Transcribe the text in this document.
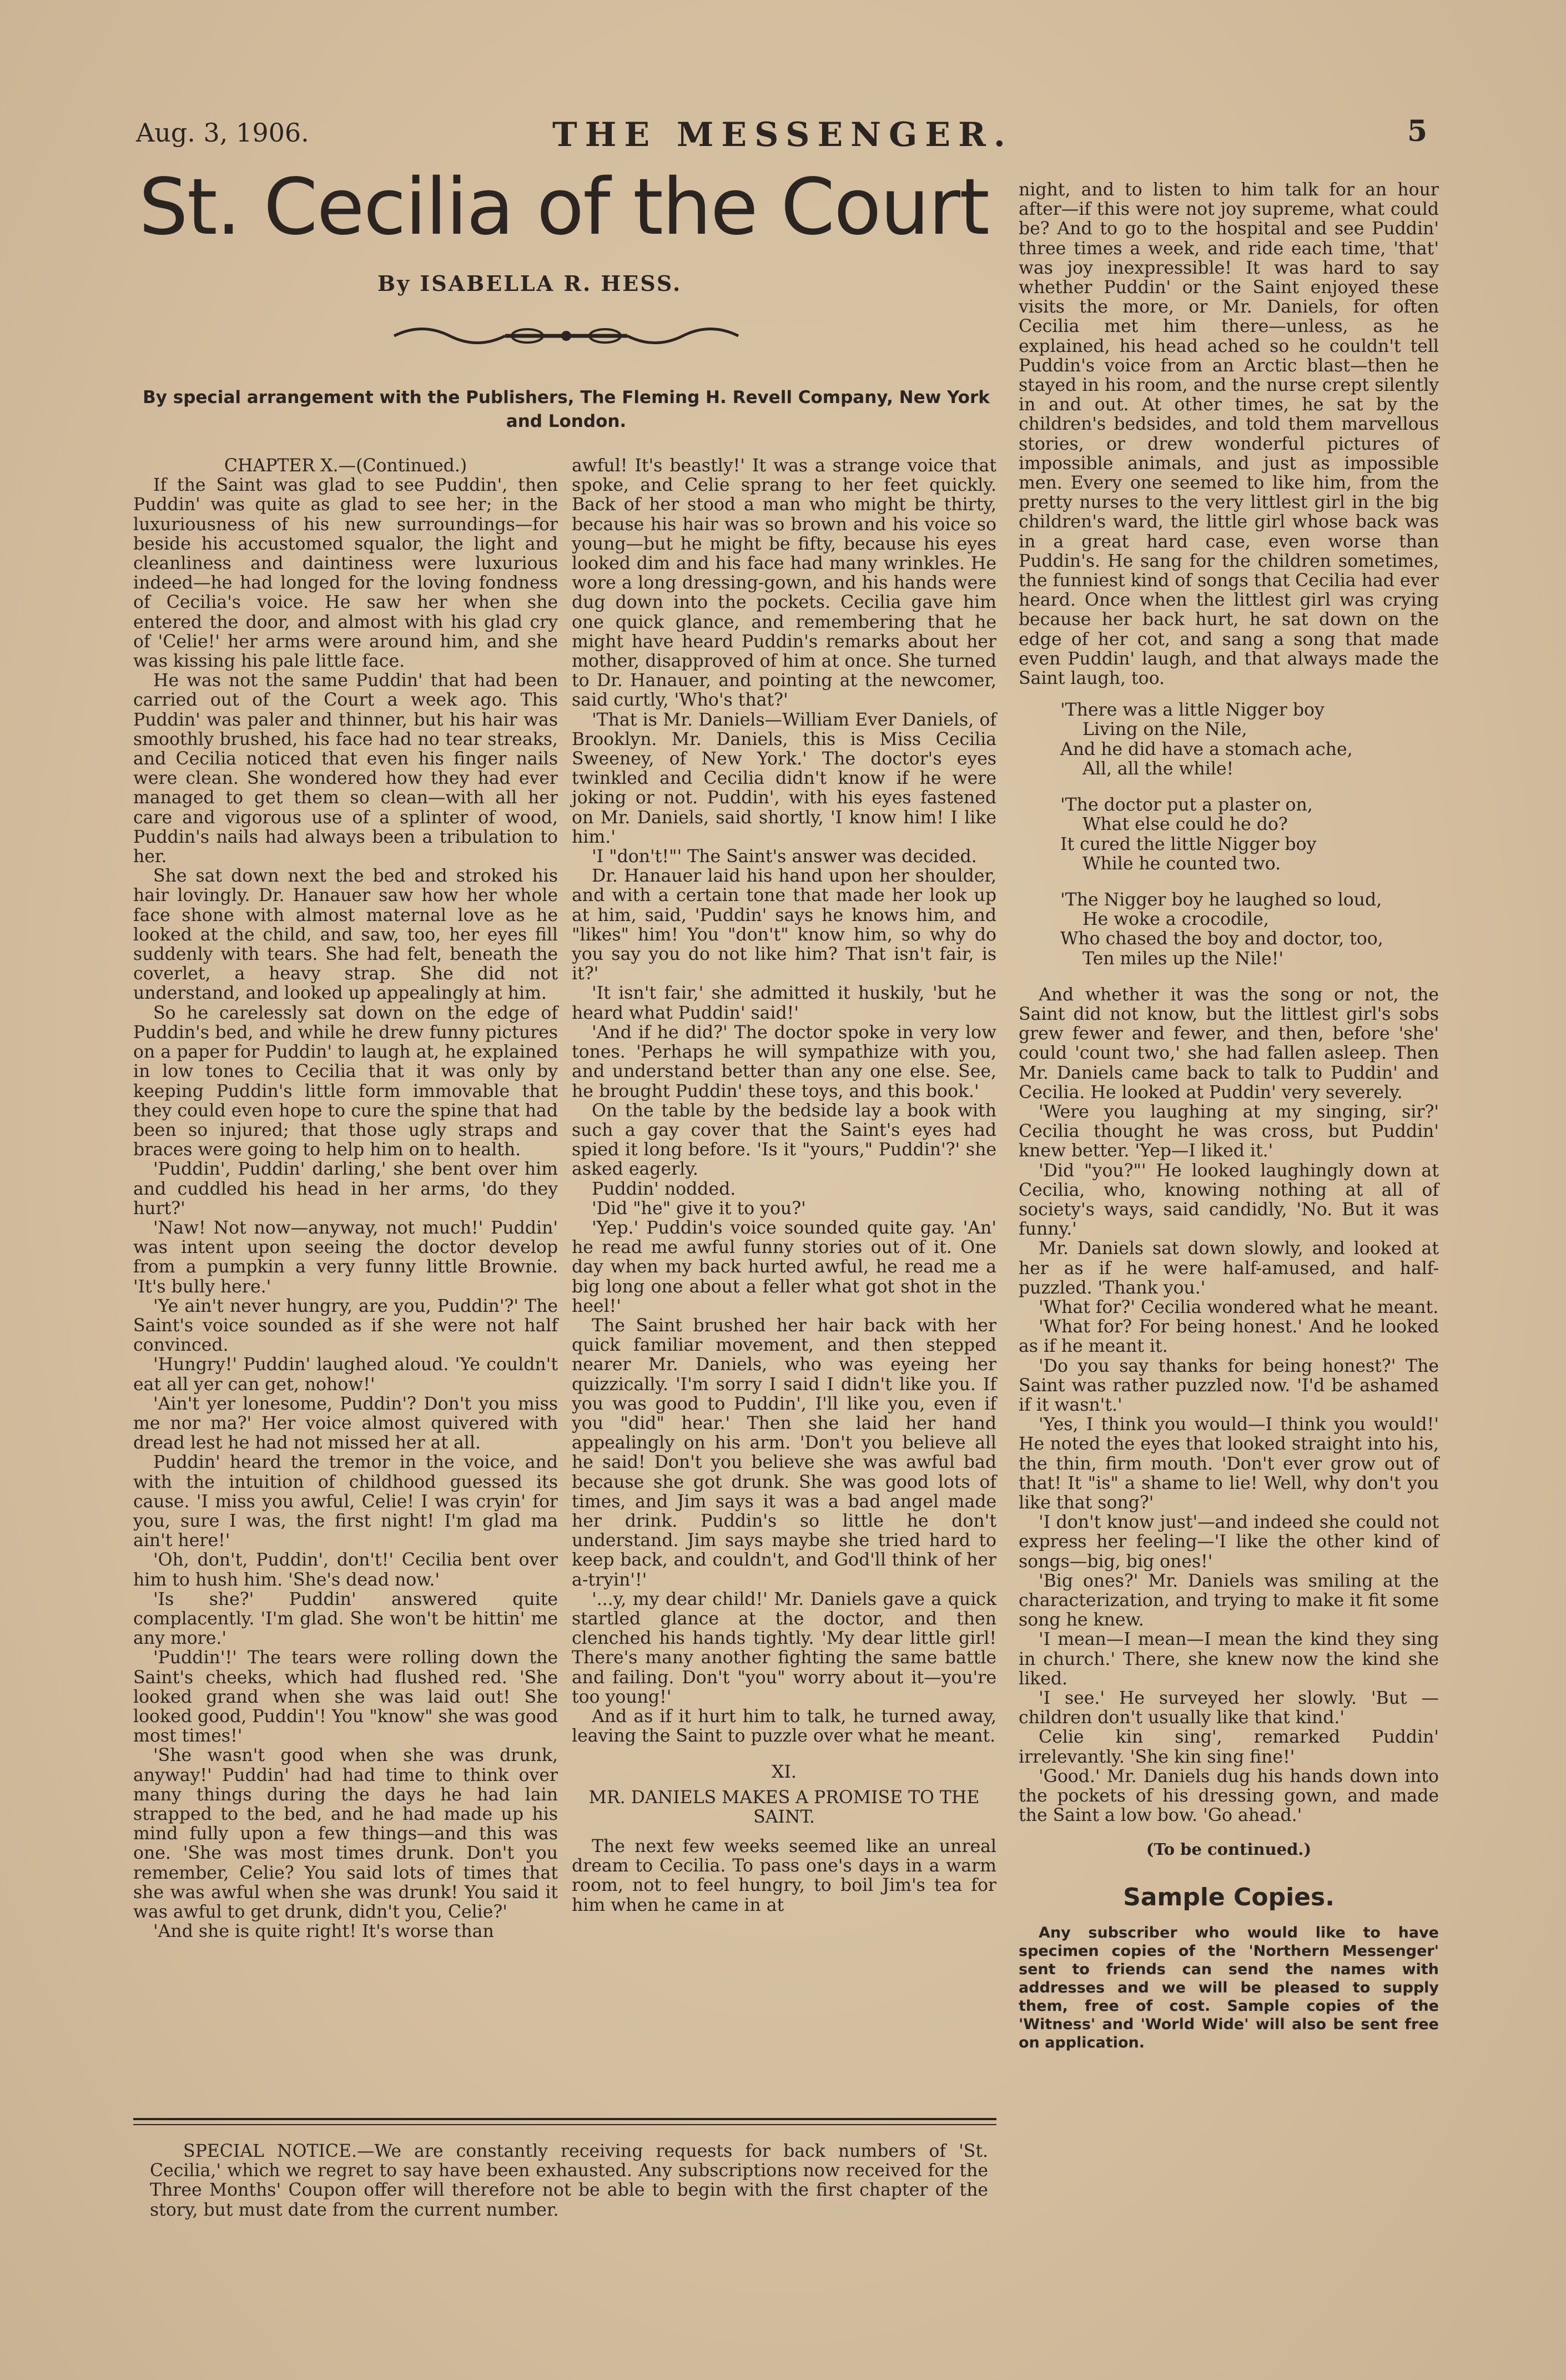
Aug. 3, 1906.	THE MESSENGER.	5
St. Cecilia of the Court
By ISABELLA R. HESS.
By special arrangement with the Publishers, The Fleming H. Revell Company, New York and London.

CHAPTER X.—(Continued.)

If the Saint was glad to see Puddin', then Puddin' was quite as glad to see her; in the luxuriousness of his new surroundings—for beside his accustomed squalor, the light and cleanliness and daintiness were luxurious indeed—he had longed for the loving fondness of Cecilia's voice. He saw her when she entered the door, and almost with his glad cry of 'Celie!' her arms were around him, and she was kissing his pale little face.

He was not the same Puddin' that had been carried out of the Court a week ago. This Puddin' was paler and thinner, but his hair was smoothly brushed, his face had no tear streaks, and Cecilia noticed that even his finger nails were clean. She wondered how they had ever managed to get them so clean—with all her care and vigorous use of a splinter of wood, Puddin's nails had always been a tribulation to her.

She sat down next the bed and stroked his hair lovingly. Dr. Hanauer saw how her whole face shone with almost maternal love as he looked at the child, and saw, too, her eyes fill suddenly with tears. She had felt, beneath the coverlet, a heavy strap. She did not understand, and looked up appealingly at him.

So he carelessly sat down on the edge of Puddin's bed, and while he drew funny pictures on a paper for Puddin' to laugh at, he explained in low tones to Cecilia that it was only by keeping Puddin's little form immovable that they could even hope to cure the spine that had been so injured; that those ugly straps and braces were going to help him on to health.

'Puddin', Puddin' darling,' she bent over him and cuddled his head in her arms, 'do they hurt?'

'Naw! Not now—anyway, not much!' Puddin' was intent upon seeing the doctor develop from a pumpkin a very funny little Brownie. 'It's bully here.'

'Ye ain't never hungry, are you, Puddin'?' The Saint's voice sounded as if she were not half convinced.

'Hungry!' Puddin' laughed aloud. 'Ye couldn't eat all yer can get, nohow!'

'Ain't yer lonesome, Puddin'? Don't you miss me nor ma?' Her voice almost quivered with dread lest he had not missed her at all.

Puddin' heard the tremor in the voice, and with the intuition of childhood guessed its cause. 'I miss you awful, Celie! I was cryin' for you, sure I was, the first night! I'm glad ma ain't here!'

'Oh, don't, Puddin', don't!' Cecilia bent over him to hush him. 'She's dead now.'

'Is she?' Puddin' answered quite complacently. 'I'm glad. She won't be hittin' me any more.'

'Puddin'!' The tears were rolling down the Saint's cheeks, which had flushed red. 'She looked grand when she was laid out! She looked good, Puddin'! You "know" she was good most times!'

'She wasn't good when she was drunk, anyway!' Puddin' had had time to think over many things during the days he had lain strapped to the bed, and he had made up his mind fully upon a few things—and this was one. 'She was most times drunk. Don't you remember, Celie? You said lots of times that she was awful when she was drunk! You said it was awful to get drunk, didn't you, Celie?'

'And she is quite right! It's worse than

awful! It's beastly!' It was a strange voice that spoke, and Celie sprang to her feet quickly. Back of her stood a man who might be thirty, because his hair was so brown and his voice so young—but he might be fifty, because his eyes looked dim and his face had many wrinkles. He wore a long dressing-gown, and his hands were dug down into the pockets. Cecilia gave him one quick glance, and remembering that he might have heard Puddin's remarks about her mother, disapproved of him at once. She turned to Dr. Hanauer, and pointing at the newcomer, said curtly, 'Who's that?'

'That is Mr. Daniels—William Ever Daniels, of Brooklyn. Mr. Daniels, this is Miss Cecilia Sweeney, of New York.' The doctor's eyes twinkled and Cecilia didn't know if he were joking or not. Puddin', with his eyes fastened on Mr. Daniels, said shortly, 'I know him! I like him.'

'I "don't!"' The Saint's answer was decided.

Dr. Hanauer laid his hand upon her shoulder, and with a certain tone that made her look up at him, said, 'Puddin' says he knows him, and "likes" him! You "don't" know him, so why do you say you do not like him? That isn't fair, is it?'

'It isn't fair,' she admitted it huskily, 'but he heard what Puddin' said!'

'And if he did?' The doctor spoke in very low tones. 'Perhaps he will sympathize with you, and understand better than any one else. See, he brought Puddin' these toys, and this book.'

On the table by the bedside lay a book with such a gay cover that the Saint's eyes had spied it long before. 'Is it "yours," Puddin'?' she asked eagerly.

Puddin' nodded.

'Did "he" give it to you?'

'Yep.' Puddin's voice sounded quite gay. 'An' he read me awful funny stories out of it. One day when my back hurted awful, he read me a big long one about a feller what got shot in the heel!'

The Saint brushed her hair back with her quick familiar movement, and then stepped nearer Mr. Daniels, who was eyeing her quizzically. 'I'm sorry I said I didn't like you. If you was good to Puddin', I'll like you, even if you "did" hear.' Then she laid her hand appealingly on his arm. 'Don't you believe all he said! Don't you believe she was awful bad because she got drunk. She was good lots of times, and Jim says it was a bad angel made her drink. Puddin's so little he don't understand. Jim says maybe she tried hard to keep back, and couldn't, and God'll think of her a-tryin'!'

'...y, my dear child!' Mr. Daniels gave a quick startled glance at the doctor, and then clenched his hands tightly. 'My dear little girl! There's many another fighting the same battle and failing. Don't "you" worry about it—you're too young!'

And as if it hurt him to talk, he turned away, leaving the Saint to puzzle over what he meant.

XI.
MR. DANIELS MAKES A PROMISE TO THE SAINT.

The next few weeks seemed like an unreal dream to Cecilia. To pass one's days in a warm room, not to feel hungry, to boil Jim's tea for him when he came in at

night, and to listen to him talk for an hour after—if this were not joy supreme, what could be? And to go to the hospital and see Puddin' three times a week, and ride each time, 'that' was joy inexpressible! It was hard to say whether Puddin' or the Saint enjoyed these visits the more, or Mr. Daniels, for often Cecilia met him there—unless, as he explained, his head ached so he couldn't tell Puddin's voice from an Arctic blast—then he stayed in his room, and the nurse crept silently in and out. At other times, he sat by the children's bedsides, and told them marvellous stories, or drew wonderful pictures of impossible animals, and just as impossible men. Every one seemed to like him, from the pretty nurses to the very littlest girl in the big children's ward, the little girl whose back was in a great hard case, even worse than Puddin's. He sang for the children sometimes, the funniest kind of songs that Cecilia had ever heard. Once when the littlest girl was crying because her back hurt, he sat down on the edge of her cot, and sang a song that made even Puddin' laugh, and that always made the Saint laugh, too.

'There was a little Nigger boy
Living on the Nile,
And he did have a stomach ache,
All, all the while!
'The doctor put a plaster on,
What else could he do?
It cured the little Nigger boy
While he counted two.
'The Nigger boy he laughed so loud,
He woke a crocodile,
Who chased the boy and doctor, too,
Ten miles up the Nile!'

And whether it was the song or not, the Saint did not know, but the littlest girl's sobs grew fewer and fewer, and then, before 'she' could 'count two,' she had fallen asleep. Then Mr. Daniels came back to talk to Puddin' and Cecilia. He looked at Puddin' very severely.

'Were you laughing at my singing, sir?' Cecilia thought he was cross, but Puddin' knew better. 'Yep—I liked it.'

'Did "you?"' He looked laughingly down at Cecilia, who, knowing nothing at all of society's ways, said candidly, 'No. But it was funny.'

Mr. Daniels sat down slowly, and looked at her as if he were half-amused, and half-puzzled. 'Thank you.'

'What for?' Cecilia wondered what he meant.

'What for? For being honest.' And he looked as if he meant it.

'Do you say thanks for being honest?' The Saint was rather puzzled now. 'I'd be ashamed if it wasn't.'

'Yes, I think you would—I think you would!' He noted the eyes that looked straight into his, the thin, firm mouth. 'Don't ever grow out of that! It "is" a shame to lie! Well, why don't you like that song?'

'I don't know just'—and indeed she could not express her feeling—'I like the other kind of songs—big, big ones!'

'Big ones?' Mr. Daniels was smiling at the characterization, and trying to make it fit some song he knew.

'I mean—I mean—I mean the kind they sing in church.' There, she knew now the kind she liked.

'I see.' He surveyed her slowly. 'But —children don't usually like that kind.'

Celie kin sing', remarked Puddin' irrelevantly. 'She kin sing fine!'

'Good.' Mr. Daniels dug his hands down into the pockets of his dressing gown, and made the Saint a low bow. 'Go ahead.'

(To be continued.)
Sample Copies.
Any subscriber who would like to have specimen copies of the 'Northern Messenger' sent to friends can send the names with addresses and we will be pleased to supply them, free of cost. Sample copies of the 'Witness' and 'World Wide' will also be sent free on application.

SPECIAL NOTICE.—We are constantly receiving requests for back numbers of 'St. Cecilia,' which we regret to say have been exhausted. Any subscriptions now received for the Three Months' Coupon offer will therefore not be able to begin with the first chapter of the story, but must date from the current number.
